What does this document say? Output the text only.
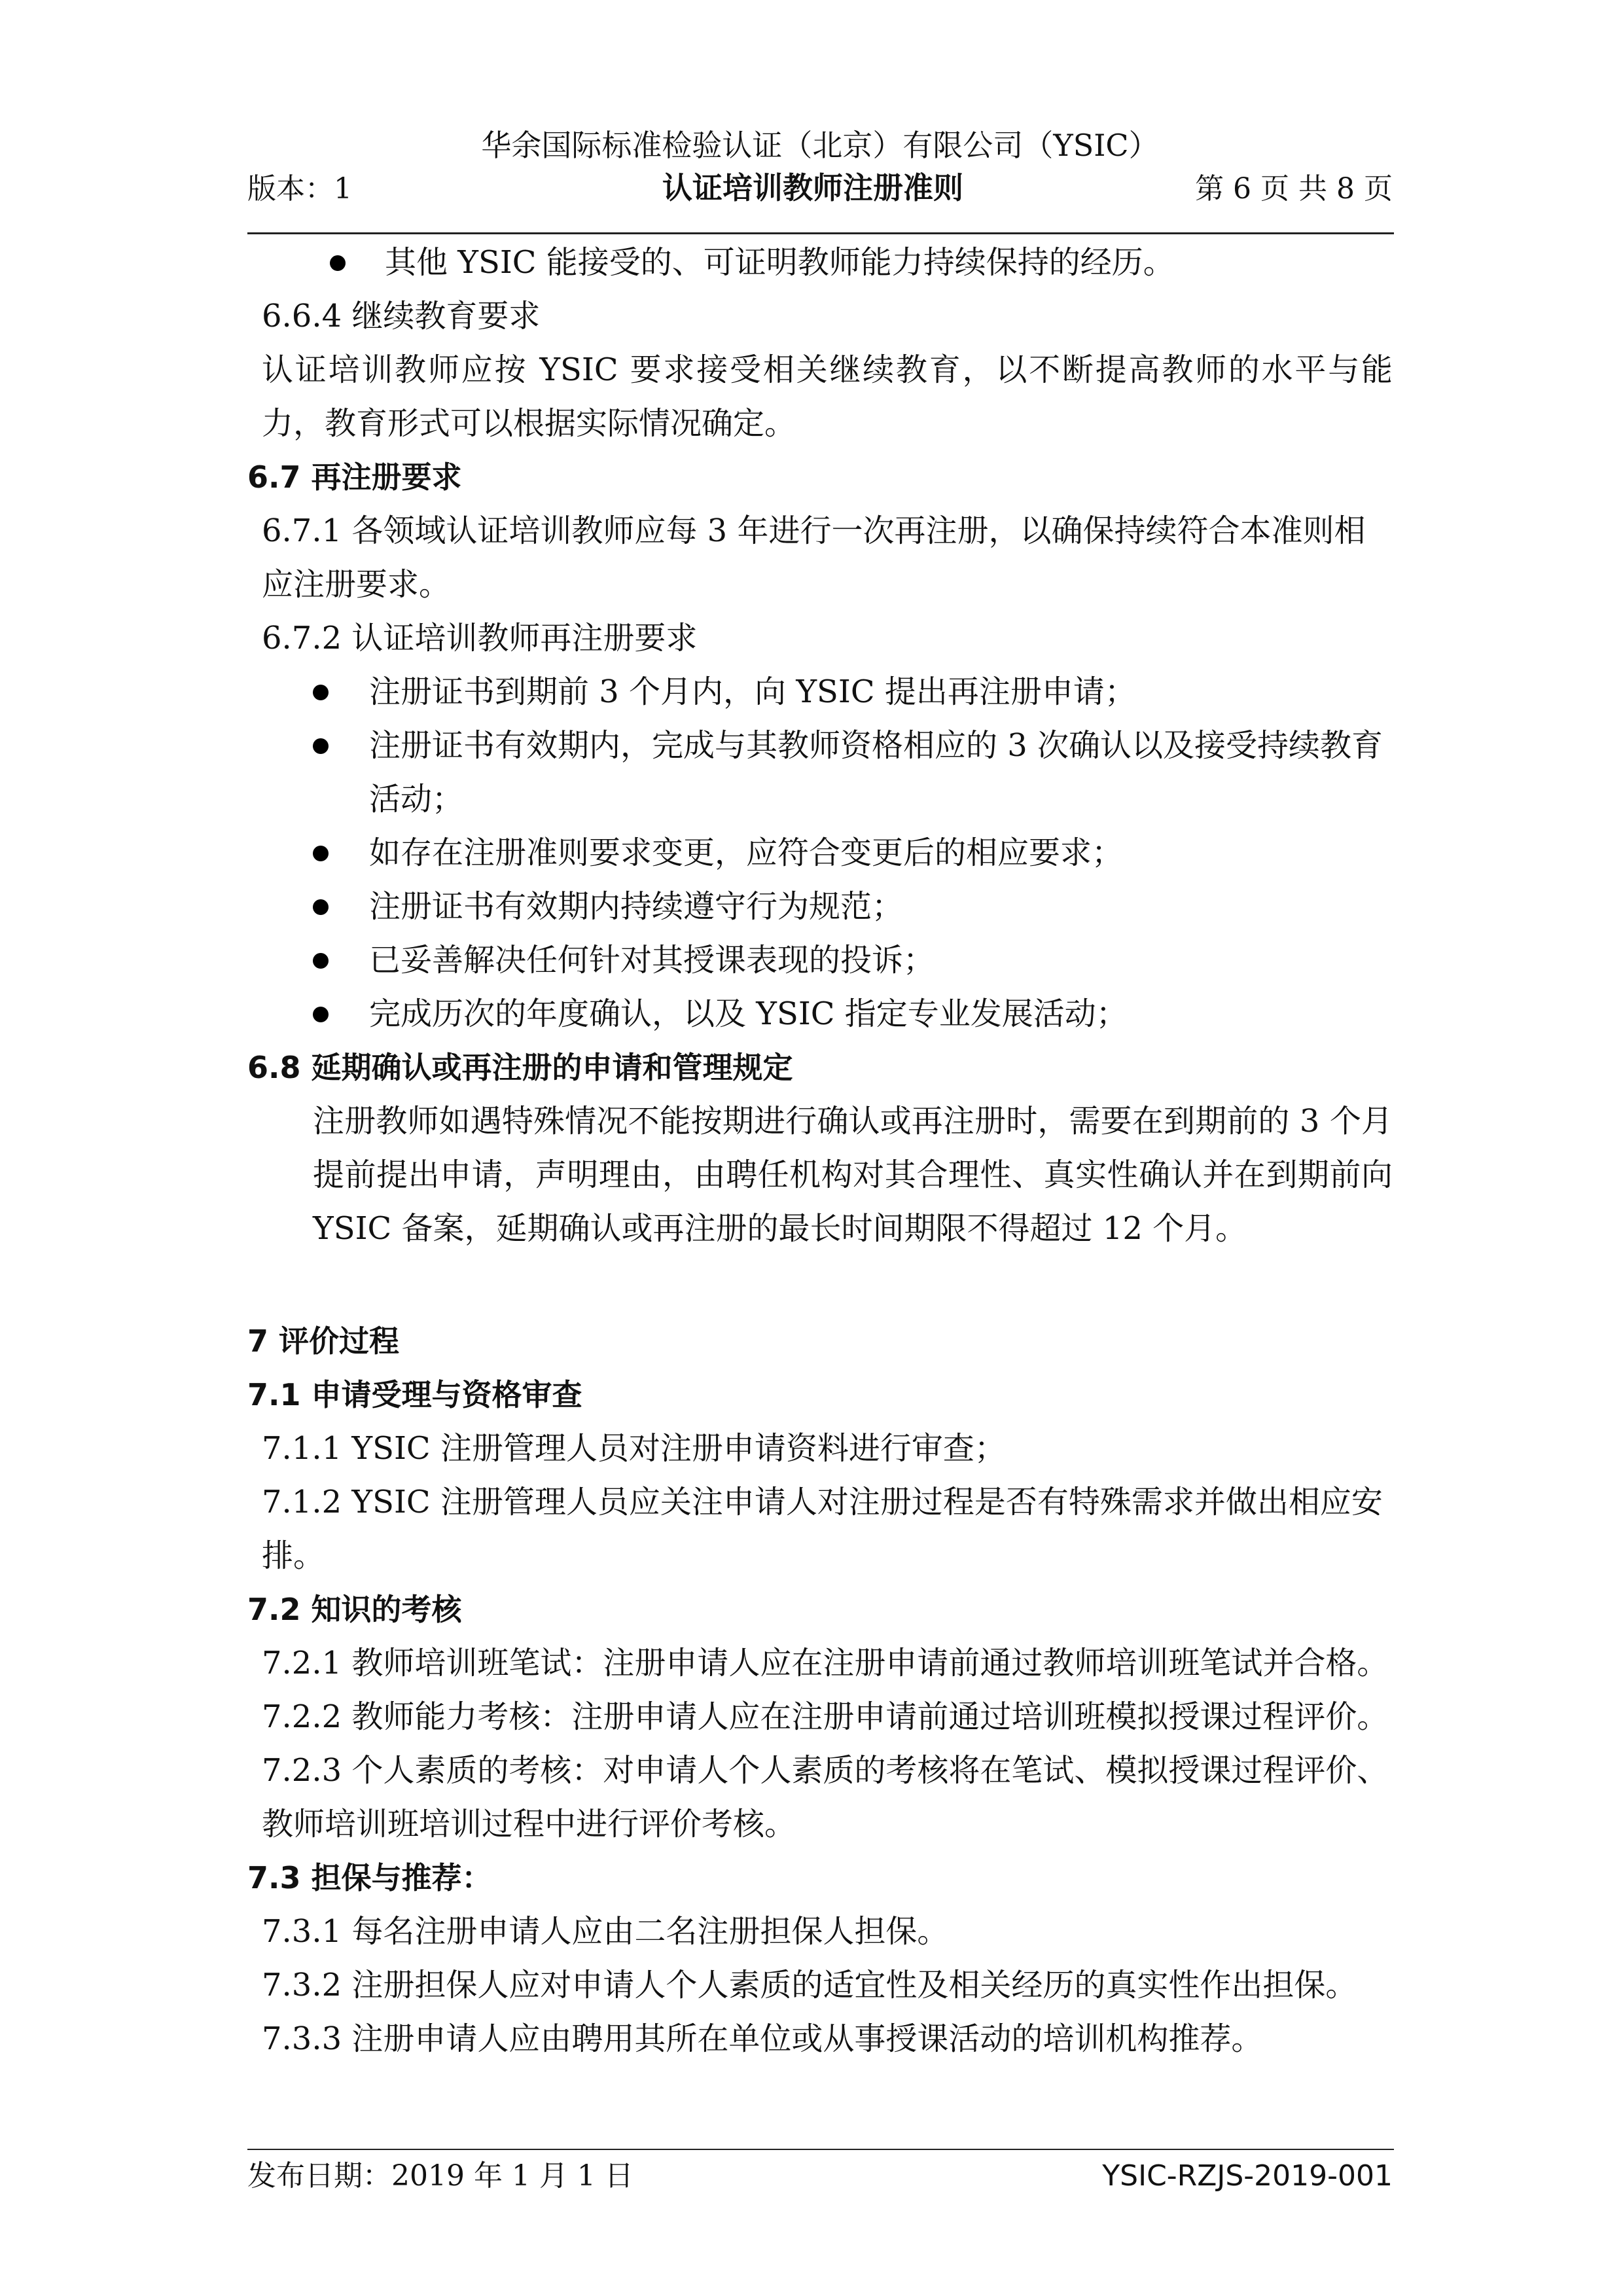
华余国际标准检验认证（北京）有限公司（YSIC）
版本：1	认证培训教师注册准则	第 6 页 共 8 页

其他 YSIC 能接受的、可证明教师能力持续保持的经历。

6.6.4 继续教育要求

认证培训教师应按 YSIC 要求接受相关继续教育，以不断提高教师的水平与能力，教育形式可以根据实际情况确定。

6.7 再注册要求

6.7.1 各领域认证培训教师应每 3 年进行一次再注册，以确保持续符合本准则相应注册要求。

6.7.2 认证培训教师再注册要求

注册证书到期前 3 个月内，向 YSIC 提出再注册申请；

注册证书有效期内，完成与其教师资格相应的 3 次确认以及接受持续教育活动；

如存在注册准则要求变更，应符合变更后的相应要求；

注册证书有效期内持续遵守行为规范；

已妥善解决任何针对其授课表现的投诉；

完成历次的年度确认，以及 YSIC 指定专业发展活动；

6.8 延期确认或再注册的申请和管理规定

注册教师如遇特殊情况不能按期进行确认或再注册时，需要在到期前的 3 个月提前提出申请，声明理由，由聘任机构对其合理性、真实性确认并在到期前向 YSIC 备案，延期确认或再注册的最长时间期限不得超过 12 个月。

7 评价过程

7.1 申请受理与资格审查

7.1.1 YSIC 注册管理人员对注册申请资料进行审查；

7.1.2 YSIC 注册管理人员应关注申请人对注册过程是否有特殊需求并做出相应安排。

7.2 知识的考核

7.2.1 教师培训班笔试：注册申请人应在注册申请前通过教师培训班笔试并合格。

7.2.2 教师能力考核：注册申请人应在注册申请前通过培训班模拟授课过程评价。

7.2.3 个人素质的考核：对申请人个人素质的考核将在笔试、模拟授课过程评价、教师培训班培训过程中进行评价考核。

7.3 担保与推荐：

7.3.1 每名注册申请人应由二名注册担保人担保。

7.3.2 注册担保人应对申请人个人素质的适宜性及相关经历的真实性作出担保。

7.3.3 注册申请人应由聘用其所在单位或从事授课活动的培训机构推荐。

发布日期：2019 年 1 月 1 日	YSIC-RZJS-2019-001
